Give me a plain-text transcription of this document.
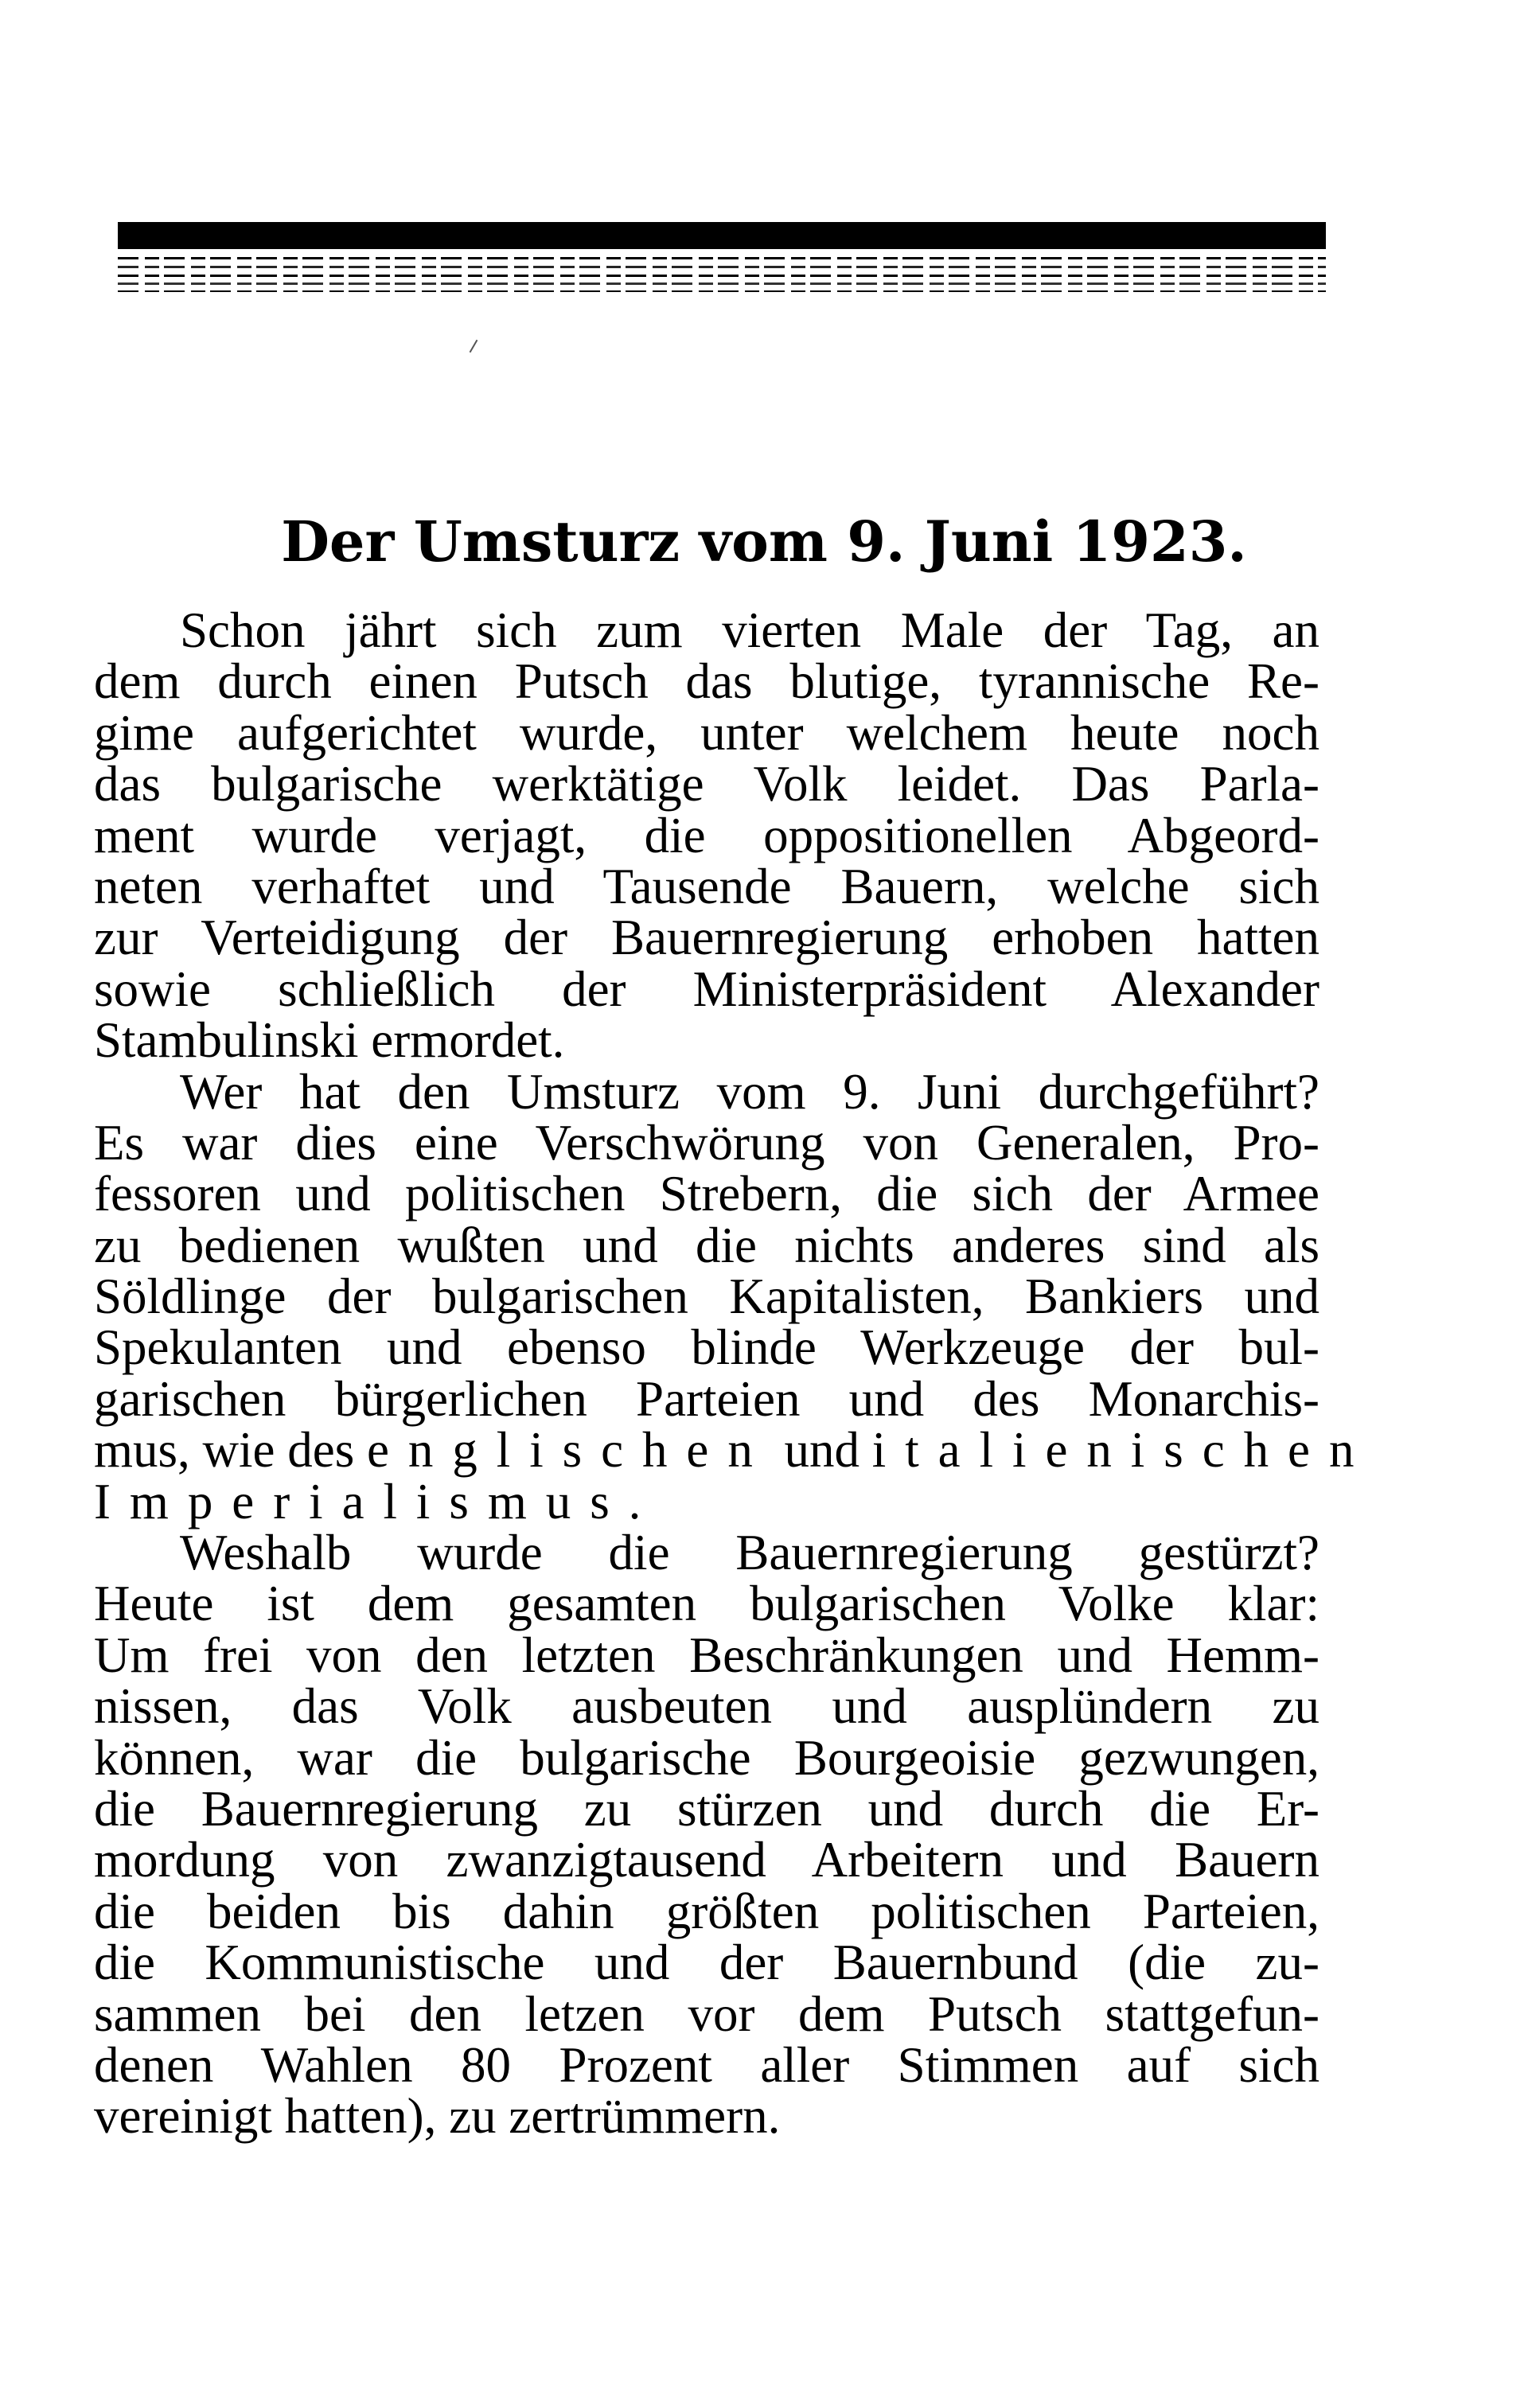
Der Umsturz vom 9. Juni 1923.
Schon jährt sich zum vierten Male der Tag, an
dem durch einen Putsch das blutige, tyrannische Re-
gime aufgerichtet wurde, unter welchem heute noch
das bulgarische werktätige Volk leidet. Das Parla-
ment wurde verjagt, die oppositionellen Abgeord-
neten verhaftet und Tausende Bauern, welche sich
zur Verteidigung der Bauernregierung erhoben hatten
sowie schließlich der Ministerpräsident Alexander
Stambulinski ermordet.
Wer hat den Umsturz vom 9. Juni durchgeführt?
Es war dies eine Verschwörung von Generalen, Pro-
fessoren und politischen Strebern, die sich der Armee
zu bedienen wußten und die nichts anderes sind als
Söldlinge der bulgarischen Kapitalisten, Bankiers und
Spekulanten und ebenso blinde Werkzeuge der bul-
garischen bürgerlichen Parteien und des Monarchis-
mus, wie des englischen und italienischen
Imperialismus.
Weshalb wurde die Bauernregierung gestürzt?
Heute ist dem gesamten bulgarischen Volke klar:
Um frei von den letzten Beschränkungen und Hemm-
nissen, das Volk ausbeuten und ausplündern zu
können, war die bulgarische Bourgeoisie gezwungen,
die Bauernregierung zu stürzen und durch die Er-
mordung von zwanzigtausend Arbeitern und Bauern
die beiden bis dahin größten politischen Parteien,
die Kommunistische und der Bauernbund (die zu-
sammen bei den letzen vor dem Putsch stattgefun-
denen Wahlen 80 Prozent aller Stimmen auf sich
vereinigt hatten), zu zertrümmern.
